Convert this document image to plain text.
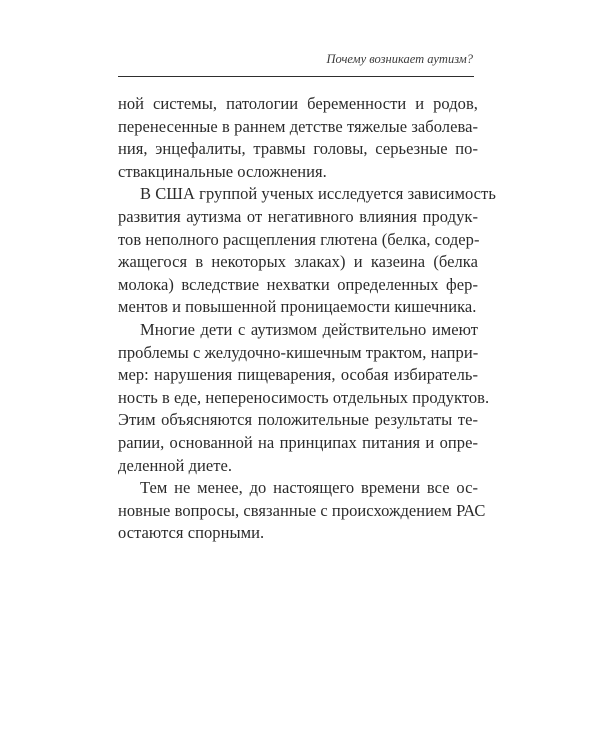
Почему возникает аутизм?
ной системы, патологии беременности и родов,
перенесенные в раннем детстве тяжелые заболева-
ния, энцефалиты, травмы головы, серьезные по-
ствакцинальные осложнения.
В США группой ученых исследуется зависимость
развития аутизма от негативного влияния продук-
тов неполного расщепления глютена (белка, содер-
жащегося в некоторых злаках) и казеина (белка
молока) вследствие нехватки определенных фер-
ментов и повышенной проницаемости кишечника.
Многие дети с аутизмом действительно имеют
проблемы с желудочно-кишечным трактом, напри-
мер: нарушения пищеварения, особая избиратель-
ность в еде, непереносимость отдельных продуктов.
Этим объясняются положительные результаты те-
рапии, основанной на принципах питания и опре-
деленной диете.
Тем не менее, до настоящего времени все ос-
новные вопросы, связанные с происхождением РАС
остаются спорными.
